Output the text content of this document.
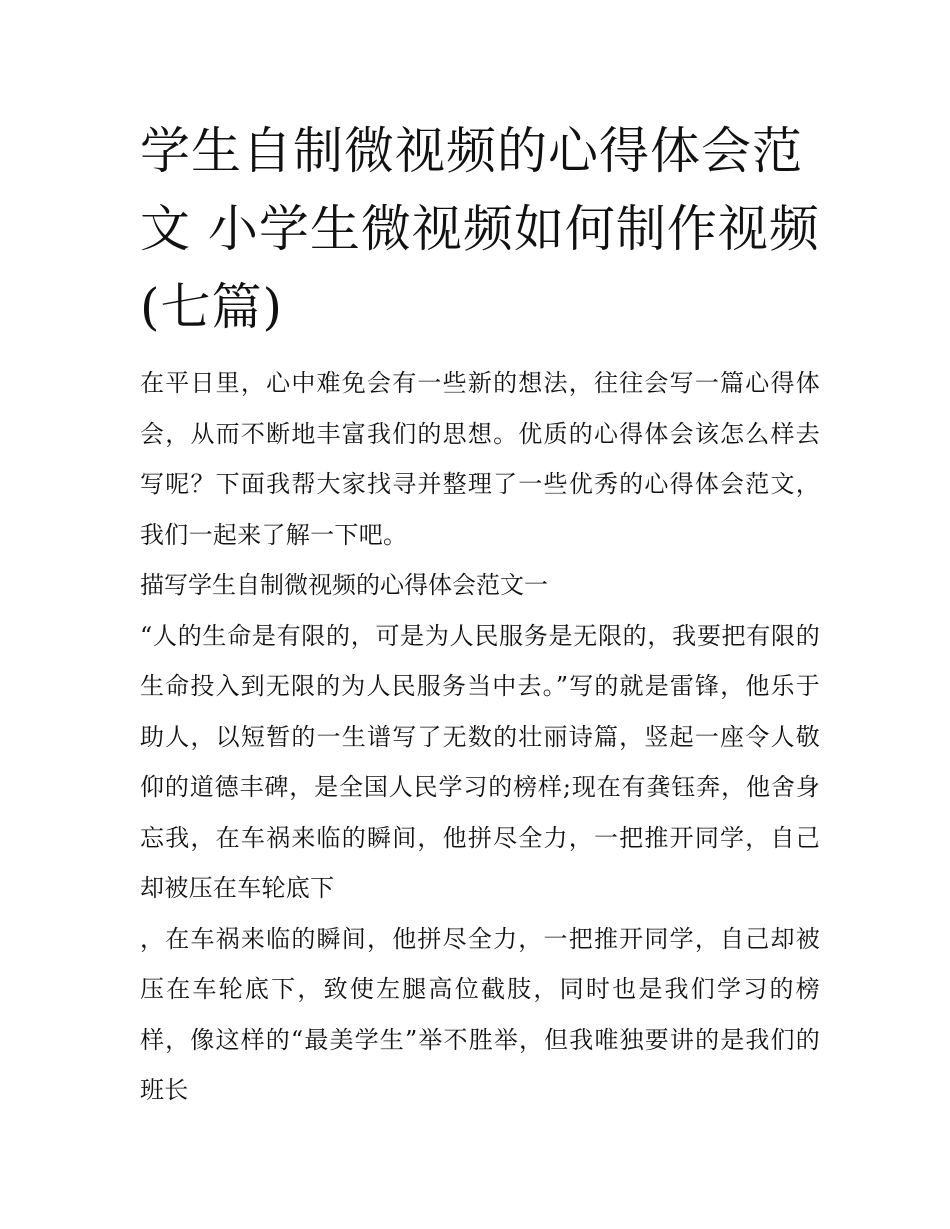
学生自制微视频的心得体会范文 小学生微视频如何制作视频(七篇)

在平日里，心中难免会有一些新的想法，往往会写一篇心得体会，从而不断地丰富我们的思想。优质的心得体会该怎么样去写呢？下面我帮大家找寻并整理了一些优秀的心得体会范文，我们一起来了解一下吧。

描写学生自制微视频的心得体会范文一

“人的生命是有限的，可是为人民服务是无限的，我要把有限的生命投入到无限的为人民服务当中去。”写的就是雷锋，他乐于助人，以短暂的一生谱写了无数的壮丽诗篇，竖起一座令人敬仰的道德丰碑，是全国人民学习的榜样;现在有龚钰奔，他舍身忘我，在车祸来临的瞬间，他拼尽全力，一把推开同学，自己却被压在车轮底下

，在车祸来临的瞬间，他拼尽全力，一把推开同学，自己却被压在车轮底下，致使左腿高位截肢，同时也是我们学习的榜样，像这样的“最美学生”举不胜举，但我唯独要讲的是我们的班长
